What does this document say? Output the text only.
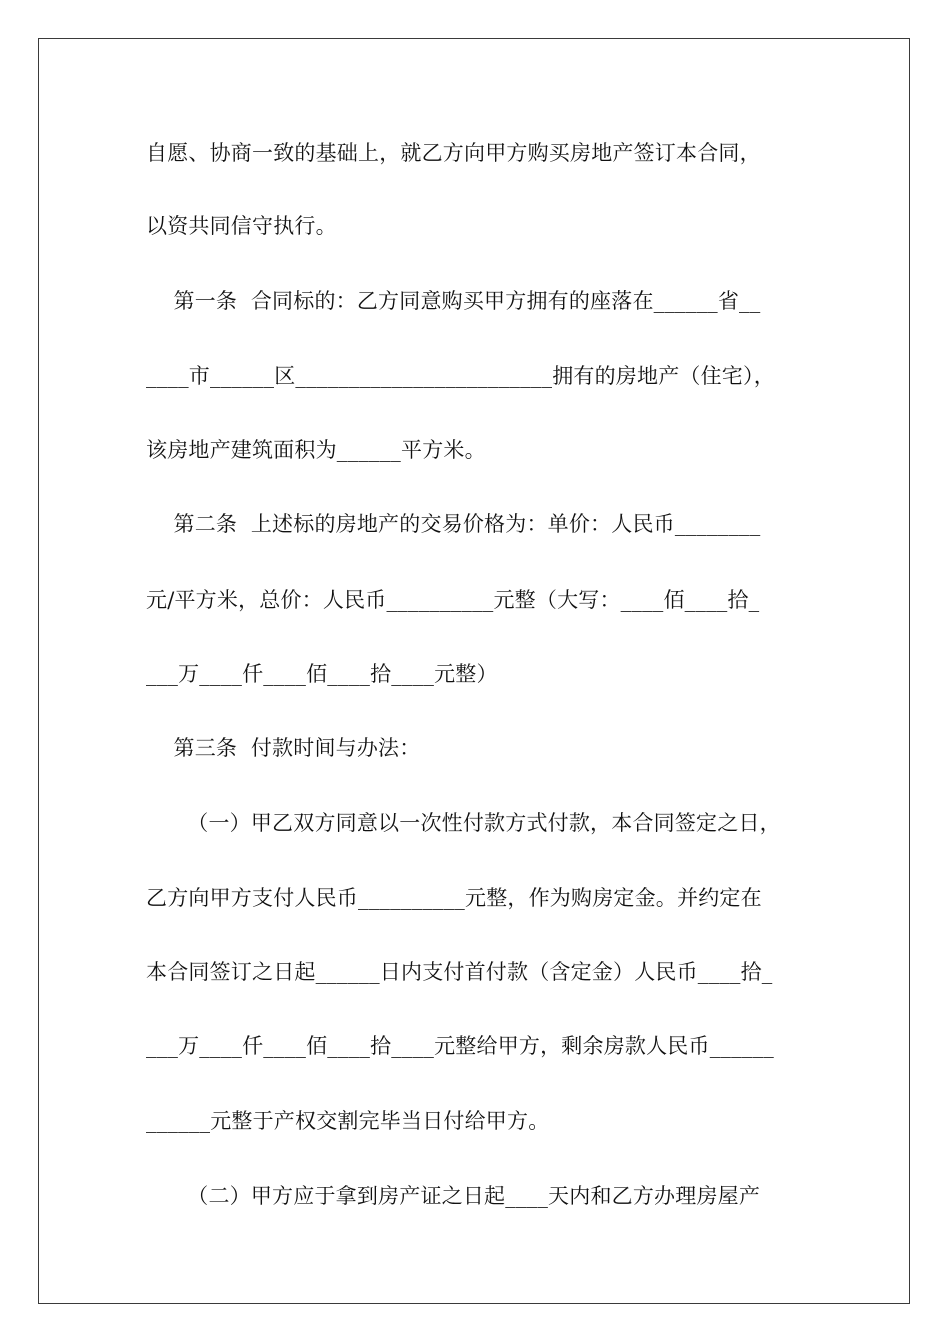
自愿、协商一致的基础上，就乙方向甲方购买房地产签订本合同，
以资共同信守执行。
第一条  合同标的：乙方同意购买甲方拥有的座落在______省__
____市______区________________________拥有的房地产（住宅），
该房地产建筑面积为______平方米。
第二条  上述标的房地产的交易价格为：单价：人民币________
元/平方米，总价：人民币__________元整（大写：____佰____拾_
___万____仟____佰____拾____元整）
第三条  付款时间与办法：
（一）甲乙双方同意以一次性付款方式付款，本合同签定之日，
乙方向甲方支付人民币__________元整，作为购房定金。并约定在
本合同签订之日起______日内支付首付款（含定金）人民币____拾_
___万____仟____佰____拾____元整给甲方，剩余房款人民币______
______元整于产权交割完毕当日付给甲方。
（二）甲方应于拿到房产证之日起____天内和乙方办理房屋产
